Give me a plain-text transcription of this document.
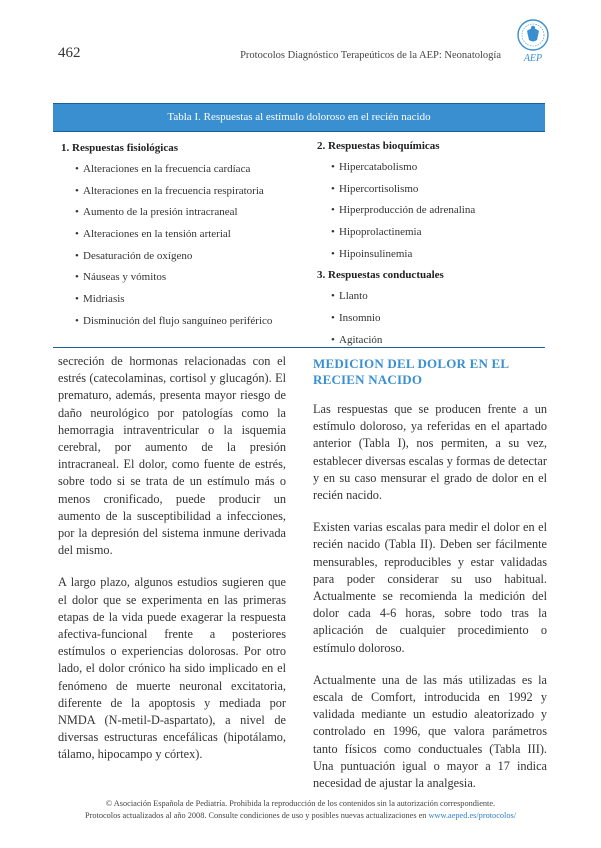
462	Protocolos Diagnóstico Terapeúticos de la AEP: Neonatología AEP
Tabla I. Respuestas al estímulo doloroso en el recién nacido
1. Respuestas fisiológicas
• Alteraciones en la frecuencia cardíaca
• Alteraciones en la frecuencia respiratoria
• Aumento de la presión intracraneal
• Alteraciones en la tensión arterial
• Desaturación de oxígeno
• Náuseas y vómitos
• Midriasis
• Disminución del flujo sanguíneo periférico
2. Respuestas bioquímicas
• Hipercatabolismo
• Hipercortisolismo
• Hiperproducción de adrenalina
• Hipoprolactinemia
• Hipoinsulinemia
3. Respuestas conductuales
• Llanto
• Insomnio
• Agitación

secreción de hormonas relacionadas con el estrés (catecolaminas, cortisol y glucagón). El prematuro, además, presenta mayor riesgo de daño neurológico por patologías como la hemorragia intraventricular o la isquemia cerebral, por aumento de la presión intracraneal. El dolor, como fuente de estrés, sobre todo si se trata de un estímulo más o menos cronificado, puede producir un aumento de la susceptibilidad a infecciones, por la depresión del sistema inmune derivada del mismo.

A largo plazo, algunos estudios sugieren que el dolor que se experimenta en las primeras etapas de la vida puede exagerar la respuesta afectiva-funcional frente a posteriores estímulos o experiencias dolorosas. Por otro lado, el dolor crónico ha sido implicado en el fenómeno de muerte neuronal excitatoria, diferente de la apoptosis y mediada por NMDA (N-metil-D-aspartato), a nivel de diversas estructuras encefálicas (hipotálamo, tálamo, hipocampo y córtex).

MEDICION DEL DOLOR EN EL RECIEN NACIDO

Las respuestas que se producen frente a un estímulo doloroso, ya referidas en el apartado anterior (Tabla I), nos permiten, a su vez, establecer diversas escalas y formas de detectar y en su caso mensurar el grado de dolor en el recién nacido.

Existen varias escalas para medir el dolor en el recién nacido (Tabla II). Deben ser fácilmente mensurables, reproducibles y estar validadas para poder considerar su uso habitual. Actualmente se recomienda la medición del dolor cada 4-6 horas, sobre todo tras la aplicación de cualquier procedimiento o estímulo doloroso.

Actualmente una de las más utilizadas es la escala de Comfort, introducida en 1992 y validada mediante un estudio aleatorizado y controlado en 1996, que valora parámetros tanto físicos como conductuales (Tabla III). Una puntuación igual o mayor a 17 indica necesidad de ajustar la analgesia.

© Asociación Española de Pediatría. Prohibida la reproducción de los contenidos sin la autorización correspondiente.
Protocolos actualizados al año 2008. Consulte condiciones de uso y posibles nuevas actualizaciones en www.aeped.es/protocolos/
